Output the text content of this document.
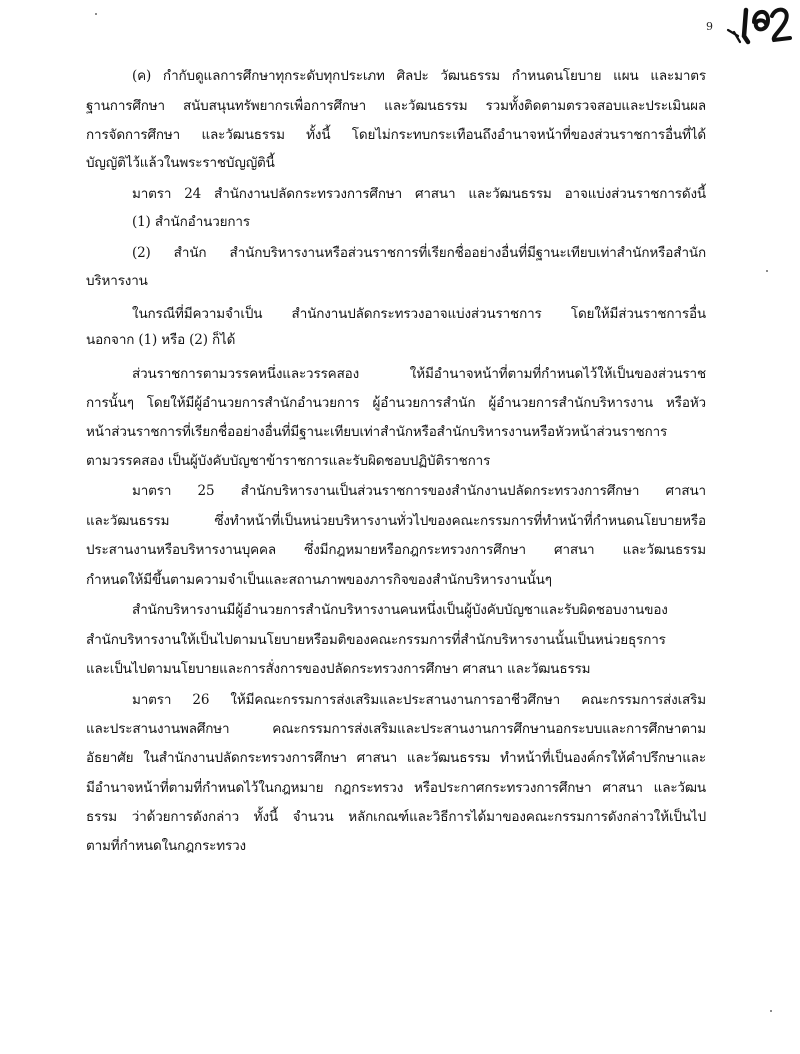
9

(ค) กำกับดูแลการศึกษาทุกระดับทุกประเภท ศิลปะ วัฒนธรรม กำหนดนโยบาย แผน และมาตร

ฐานการศึกษา สนับสนุนทรัพยากรเพื่อการศึกษา และวัฒนธรรม รวมทั้งติดตามตรวจสอบและประเมินผล

การจัดการศึกษา และวัฒนธรรม ทั้งนี้ โดยไม่กระทบกระเทือนถึงอำนาจหน้าที่ของส่วนราชการอื่นที่ได้

บัญญัติไว้แล้วในพระราชบัญญัตินี้

มาตรา 24 สำนักงานปลัดกระทรวงการศึกษา ศาสนา และวัฒนธรรม อาจแบ่งส่วนราชการดังนี้

(1) สำนักอำนวยการ

(2) สำนัก สำนักบริหารงานหรือส่วนราชการที่เรียกชื่ออย่างอื่นที่มีฐานะเทียบเท่าสำนักหรือสำนัก

บริหารงาน

ในกรณีที่มีความจำเป็น สำนักงานปลัดกระทรวงอาจแบ่งส่วนราชการ โดยให้มีส่วนราชการอื่น

นอกจาก (1) หรือ (2) ก็ได้

ส่วนราชการตามวรรคหนึ่งและวรรคสอง ให้มีอำนาจหน้าที่ตามที่กำหนดไว้ให้เป็นของส่วนราช

การนั้นๆ โดยให้มีผู้อำนวยการสำนักอำนวยการ ผู้อำนวยการสำนัก ผู้อำนวยการสำนักบริหารงาน หรือหัว

หน้าส่วนราชการที่เรียกชื่ออย่างอื่นที่มีฐานะเทียบเท่าสำนักหรือสำนักบริหารงานหรือหัวหน้าส่วนราชการ

ตามวรรคสอง เป็นผู้บังคับบัญชาข้าราชการและรับผิดชอบปฏิบัติราชการ

มาตรา 25 สำนักบริหารงานเป็นส่วนราชการของสำนักงานปลัดกระทรวงการศึกษา ศาสนา

และวัฒนธรรม ซึ่งทำหน้าที่เป็นหน่วยบริหารงานทั่วไปของคณะกรรมการที่ทำหน้าที่กำหนดนโยบายหรือ

ประสานงานหรือบริหารงานบุคคล ซึ่งมีกฎหมายหรือกฎกระทรวงการศึกษา ศาสนา และวัฒนธรรม

กำหนดให้มีขึ้นตามความจำเป็นและสถานภาพของภารกิจของสำนักบริหารงานนั้นๆ

สำนักบริหารงานมีผู้อำนวยการสำนักบริหารงานคนหนึ่งเป็นผู้บังคับบัญชาและรับผิดชอบงานของ

สำนักบริหารงานให้เป็นไปตามนโยบายหรือมติของคณะกรรมการที่สำนักบริหารงานนั้นเป็นหน่วยธุรการ

และเป็นไปตามนโยบายและการสั่งการของปลัดกระทรวงการศึกษา ศาสนา และวัฒนธรรม

มาตรา 26 ให้มีคณะกรรมการส่งเสริมและประสานงานการอาชีวศึกษา คณะกรรมการส่งเสริม

และประสานงานพลศึกษา คณะกรรมการส่งเสริมและประสานงานการศึกษานอกระบบและการศึกษาตาม

อัธยาศัย ในสำนักงานปลัดกระทรวงการศึกษา ศาสนา และวัฒนธรรม ทำหน้าที่เป็นองค์กรให้คำปรึกษาและ

มีอำนาจหน้าที่ตามที่กำหนดไว้ในกฎหมาย กฎกระทรวง หรือประกาศกระทรวงการศึกษา ศาสนา และวัฒน

ธรรม ว่าด้วยการดังกล่าว ทั้งนี้ จำนวน หลักเกณฑ์และวิธีการได้มาของคณะกรรมการดังกล่าวให้เป็นไป

ตามที่กำหนดในกฎกระทรวง
